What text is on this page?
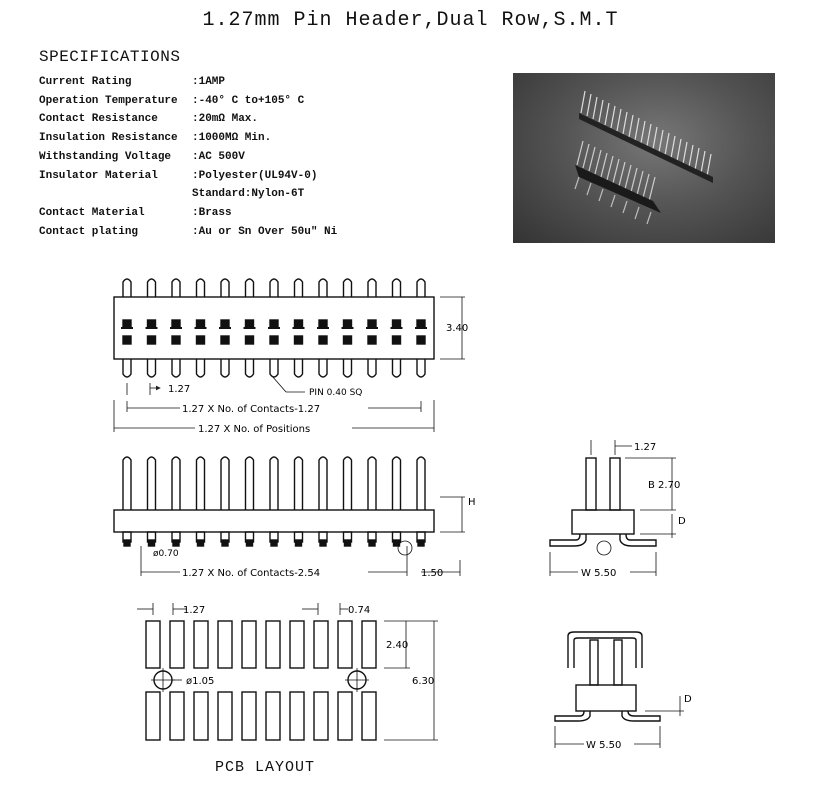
1.27mm Pin Header,Dual Row,S.M.T
SPECIFICATIONS
Current Rating	:1AMP
Operation Temperature :-40° C to+105° C
Contact Resistance	:20mΩ Max.
Insulation Resistance :1000MΩ Min.
Withstanding Voltage :AC 500V
Insulator Material	:Polyester(UL94V-0)
Standard:Nylon-6T
Contact Material	:Brass
Contact plating	:Au or Sn Over 50u" Ni
3.40
1.27	PIN 0.40 SQ
1.27 X No. of Contacts-1.27
1.27 X No. of Positions
H
ø0.70
1.27 X No. of Contacts-2.54	1.50
1.27
B 2.70
D
W 5.50
1.27	0.74
2.40
ø1.05	6.30
D
W 5.50
PCB LAYOUT
